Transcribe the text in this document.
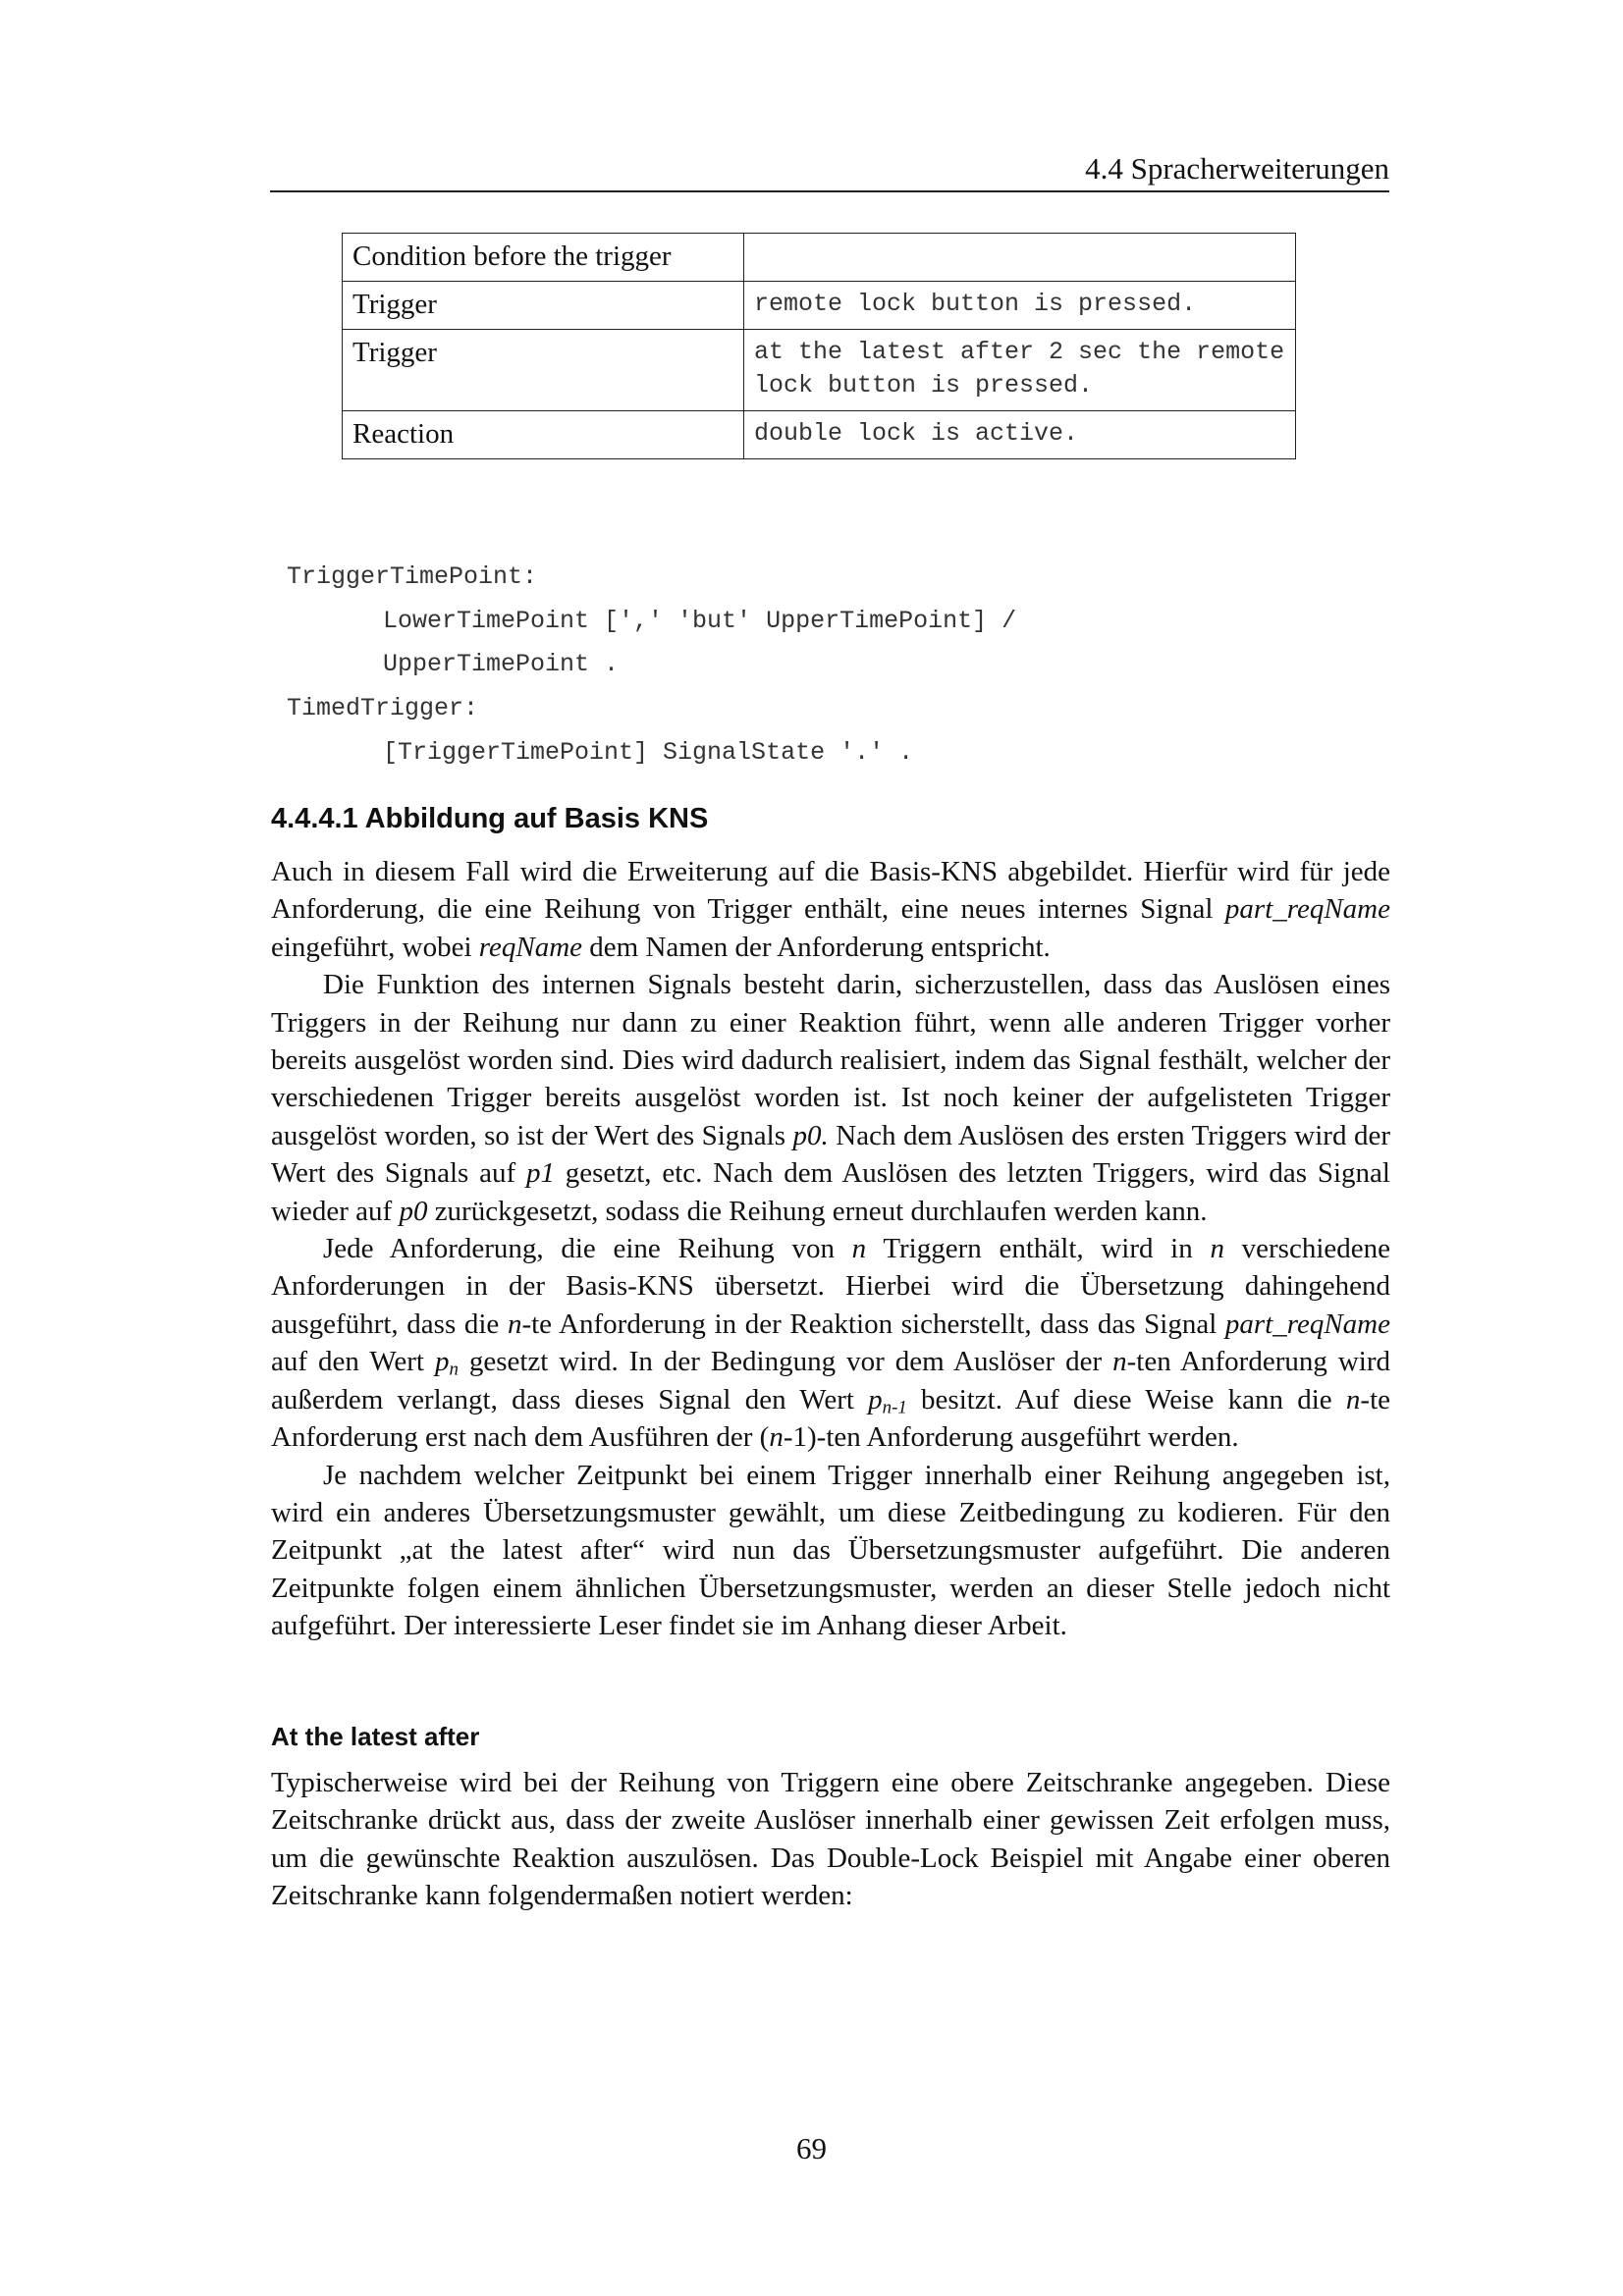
4.4 Spracherweiterungen
Condition before the trigger	
Trigger	remote lock button is pressed.
Trigger	at the latest after 2 sec the remote lock button is pressed.
Reaction	double lock is active.
TriggerTimePoint:
LowerTimePoint [',' 'but' UpperTimePoint] /
UpperTimePoint .
TimedTrigger:
[TriggerTimePoint] SignalState '.' .
4.4.4.1 Abbildung auf Basis KNS

Auch in diesem Fall wird die Erweiterung auf die Basis-KNS abgebildet. Hierfür wird für jede Anforderung, die eine Reihung von Trigger enthält, eine neues internes Signal part_reqName eingeführt, wobei reqName dem Namen der Anforderung entspricht.

Die Funktion des internen Signals besteht darin, sicherzustellen, dass das Auslösen eines Triggers in der Reihung nur dann zu einer Reaktion führt, wenn alle anderen Trigger vorher bereits ausgelöst worden sind. Dies wird dadurch realisiert, indem das Signal festhält, welcher der verschiedenen Trigger bereits ausgelöst worden ist. Ist noch keiner der aufgelisteten Trigger ausgelöst worden, so ist der Wert des Signals p0. Nach dem Auslösen des ersten Triggers wird der Wert des Signals auf p1 gesetzt, etc. Nach dem Auslösen des letzten Triggers, wird das Signal wieder auf p0 zurückgesetzt, sodass die Reihung erneut durchlaufen werden kann.

Jede Anforderung, die eine Reihung von n Triggern enthält, wird in n verschiedene Anforderungen in der Basis-KNS übersetzt. Hierbei wird die Übersetzung dahingehend ausgeführt, dass die n-te Anforderung in der Reaktion sicherstellt, dass das Signal part_reqName auf den Wert $p_n$ gesetzt wird. In der Bedingung vor dem Auslöser der n-ten Anforderung wird außerdem verlangt, dass dieses Signal den Wert $p_{n-1}$ besitzt. Auf diese Weise kann die n-te Anforderung erst nach dem Ausführen der (n-1)-ten Anforderung ausgeführt werden.

Je nachdem welcher Zeitpunkt bei einem Trigger innerhalb einer Reihung angegeben ist, wird ein anderes Übersetzungsmuster gewählt, um diese Zeitbedingung zu kodieren. Für den Zeitpunkt „at the latest after“ wird nun das Übersetzungsmuster aufgeführt. Die anderen Zeitpunkte folgen einem ähnlichen Übersetzungsmuster, werden an dieser Stelle jedoch nicht aufgeführt. Der interessierte Leser findet sie im Anhang dieser Arbeit.

At the latest after

Typischerweise wird bei der Reihung von Triggern eine obere Zeitschranke angegeben. Diese Zeitschranke drückt aus, dass der zweite Auslöser innerhalb einer gewissen Zeit erfolgen muss, um die gewünschte Reaktion auszulösen. Das Double-Lock Beispiel mit Angabe einer oberen Zeitschranke kann folgendermaßen notiert werden:

69
